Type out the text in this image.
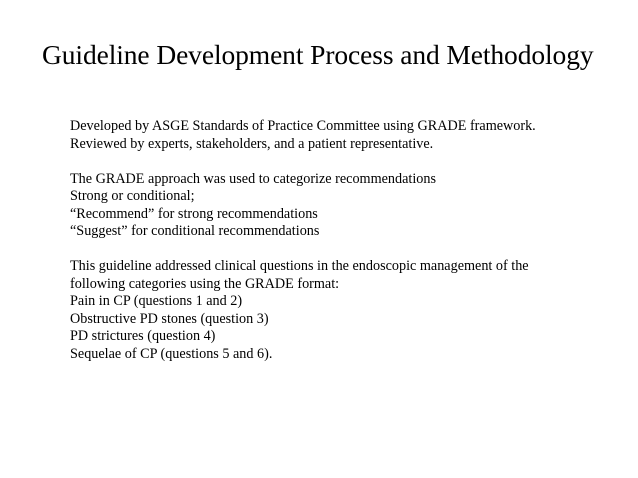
Guideline Development Process and Methodology
Developed by ASGE Standards of Practice Committee using GRADE framework.
Reviewed by experts, stakeholders, and a patient representative.
The GRADE approach was used to categorize recommendations
Strong or conditional;
“Recommend” for strong recommendations
“Suggest” for conditional recommendations
This guideline addressed clinical questions in the endoscopic management of the
following categories using the GRADE format:
Pain in CP (questions 1 and 2)
Obstructive PD stones (question 3)
PD strictures (question 4)
Sequelae of CP (questions 5 and 6).
